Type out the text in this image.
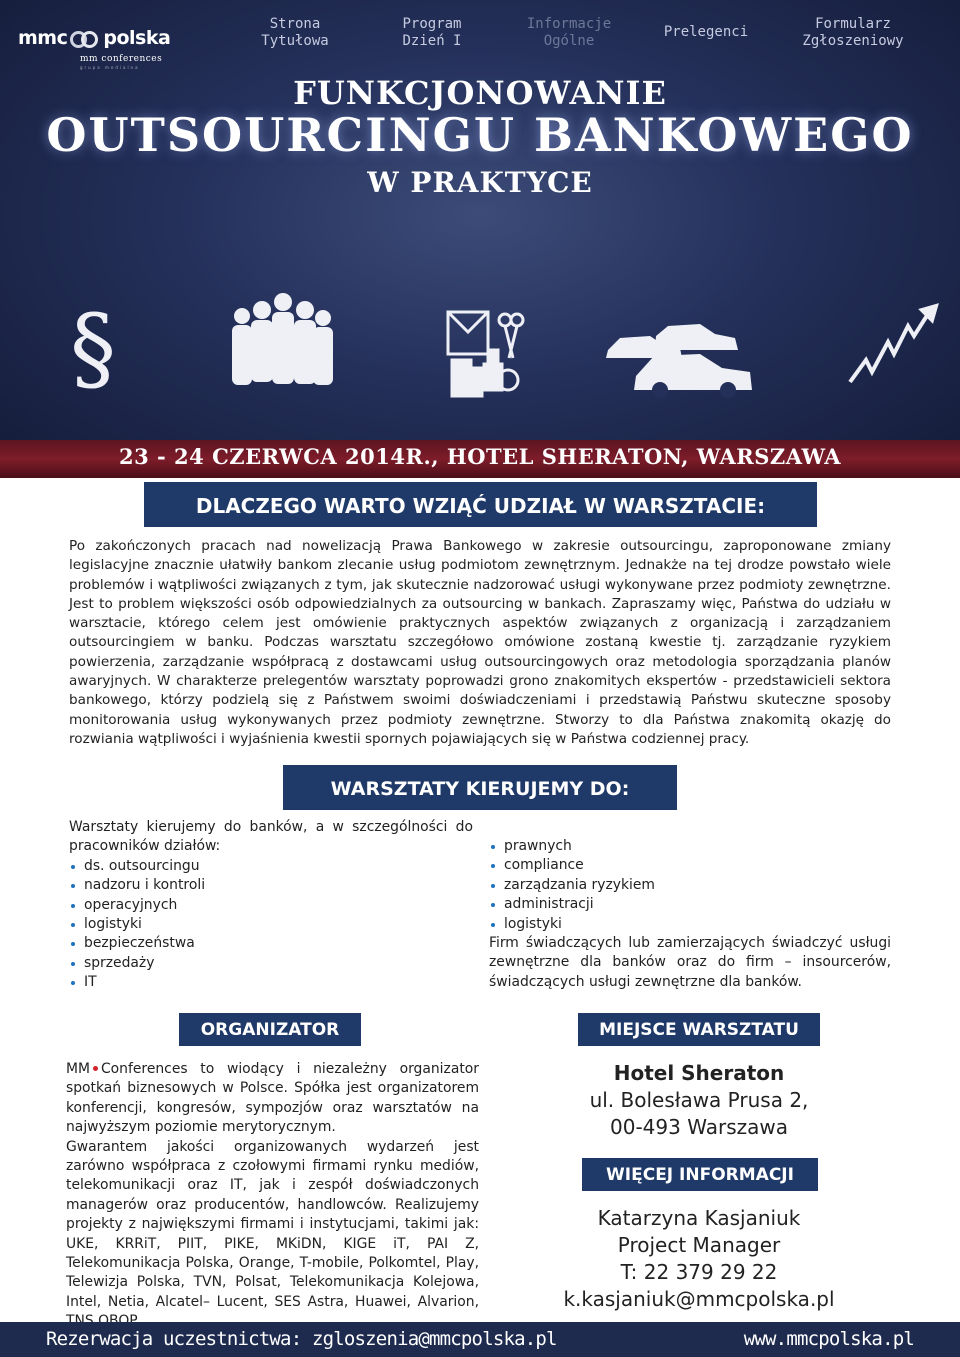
mmc polska
mm conferences
grupa medialna
Strona
Tytułowa
Program
Dzień I
Informacje
Ogólne
Prelegenci	Formularz
Zgłoszeniowy
FUNKCJONOWANIE
OUTSOURCINGU BANKOWEGO
W PRAKTYCE
§
23 - 24 CZERWCA 2014R., HOTEL SHERATON, WARSZAWA
DLACZEGO WARTO WZIĄĆ UDZIAŁ W WARSZTACIE:
Po zakończonych pracach nad nowelizacją Prawa Bankowego w zakresie outsourcingu, zaproponowane zmiany legislacyjne znacznie ułatwiły bankom zlecanie usług podmiotom zewnętrznym. Jednakże na tej drodze powstało wiele problemów i wątpliwości związanych z tym, jak skutecznie nadzorować usługi wykonywane przez podmioty zewnętrzne. Jest to problem większości osób odpowiedzialnych za outsourcing w bankach. Zapraszamy więc, Państwa do udziału w warsztacie, którego celem jest omówienie praktycznych aspektów związanych z organizacją i zarządzaniem outsourcingiem w banku. Podczas warsztatu szczegółowo omówione zostaną kwestie tj. zarządzanie ryzykiem powierzenia, zarządzanie współpracą z dostawcami usług outsourcingowych oraz metodologia sporządzania planów awaryjnych. W charakterze prelegentów warsztaty poprowadzi grono znakomitych ekspertów - przedstawicieli sektora bankowego, którzy podzielą się z Państwem swoimi doświadczeniami i przedstawią Państwu skuteczne sposoby monitorowania usług wykonywanych przez podmioty zewnętrzne. Stworzy to dla Państwa znakomitą okazję do rozwiania wątpliwości i wyjaśnienia kwestii spornych pojawiających się w Państwa codziennej pracy.
WARSZTATY KIERUJEMY DO:

Warsztaty kierujemy do banków, a w szczególności do pracowników działów:

ds. outsourcingu
nadzoru i kontroli
operacyjnych
logistyki
bezpieczeństwa
sprzedaży
IT
prawnych
compliance
zarządzania ryzykiem
administracji
logistyki

Firm świadczących lub zamierzających świadczyć usługi zewnętrzne dla banków oraz do firm – insourcerów, świadczących usługi zewnętrzne dla banków.

ORGANIZATOR

MM Conferences to wiodący i niezależny organizator spotkań biznesowych w Polsce. Spółka jest organizatorem konferencji, kongresów, sympozjów oraz warsztatów na najwyższym poziomie merytorycznym.

Gwarantem jakości organizowanych wydarzeń jest zarówno współpraca z czołowymi firmami rynku mediów, telekomunikacji oraz IT, jak i zespół doświadczonych managerów oraz producentów, handlowców. Realizujemy projekty z największymi firmami i instytucjami, takimi jak: UKE, KRRiT, PIIT, PIKE, MKiDN, KIGE iT, PAI Z, Telekomunikacja Polska, Orange, T-mobile, Polkomtel, Play, Telewizja Polska, TVN, Polsat, Telekomunikacja Kolejowa, Intel, Netia, Alcatel– Lucent, SES Astra, Huawei, Alvarion,

MIEJSCE WARSZTATU
Hotel Sheraton
ul. Bolesława Prusa 2,
00-493 Warszawa
WIĘCEJ INFORMACJI
Katarzyna Kasjaniuk
Project Manager
T: 22 379 29 22
k.kasjaniuk@mmcpolska.pl
Rezerwacja uczestnictwa: zgloszenia@mmcpolska.pl	www.mmcpolska.pl
